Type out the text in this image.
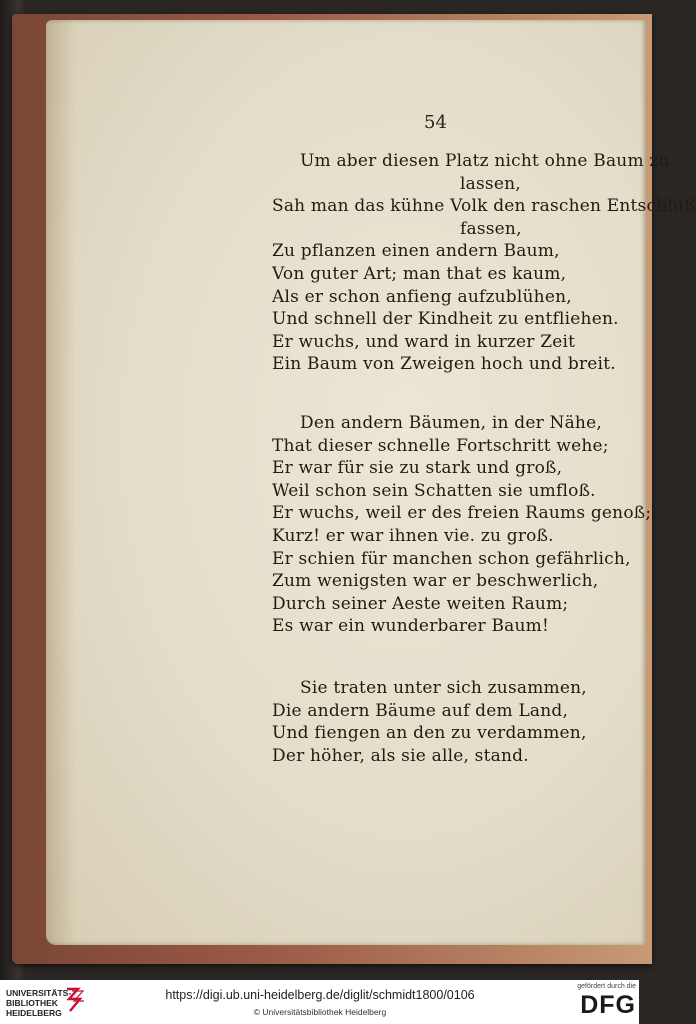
54
Um aber diesen Platz nicht ohne Baum zu
lassen,
Sah man das kühne Volk den raschen Entschluß
fassen,
Zu pflanzen einen andern Baum,
Von guter Art; man that es kaum,
Als er schon anfieng aufzublühen,
Und schnell der Kindheit zu entfliehen.
Er wuchs, und ward in kurzer Zeit
Ein Baum von Zweigen hoch und breit.
Den andern Bäumen, in der Nähe,
That dieser schnelle Fortschritt wehe;
Er war für sie zu stark und groß,
Weil schon sein Schatten sie umfloß.
Er wuchs, weil er des freien Raums genoß;
Kurz! er war ihnen vie. zu groß.
Er schien für manchen schon gefährlich,
Zum wenigsten war er beschwerlich,
Durch seiner Aeste weiten Raum;
Es war ein wunderbarer Baum!
Sie traten unter sich zusammen,
Die andern Bäume auf dem Land,
Und fiengen an den zu verdammen,
Der höher, als sie alle, stand.
UNIVERSITÄTS-
BIBLIOTHEK
HEIDELBERG
https://digi.ub.uni-heidelberg.de/diglit/schmidt1800/0106
© Universitätsbibliothek Heidelberg
gefördert durch die
DFG
